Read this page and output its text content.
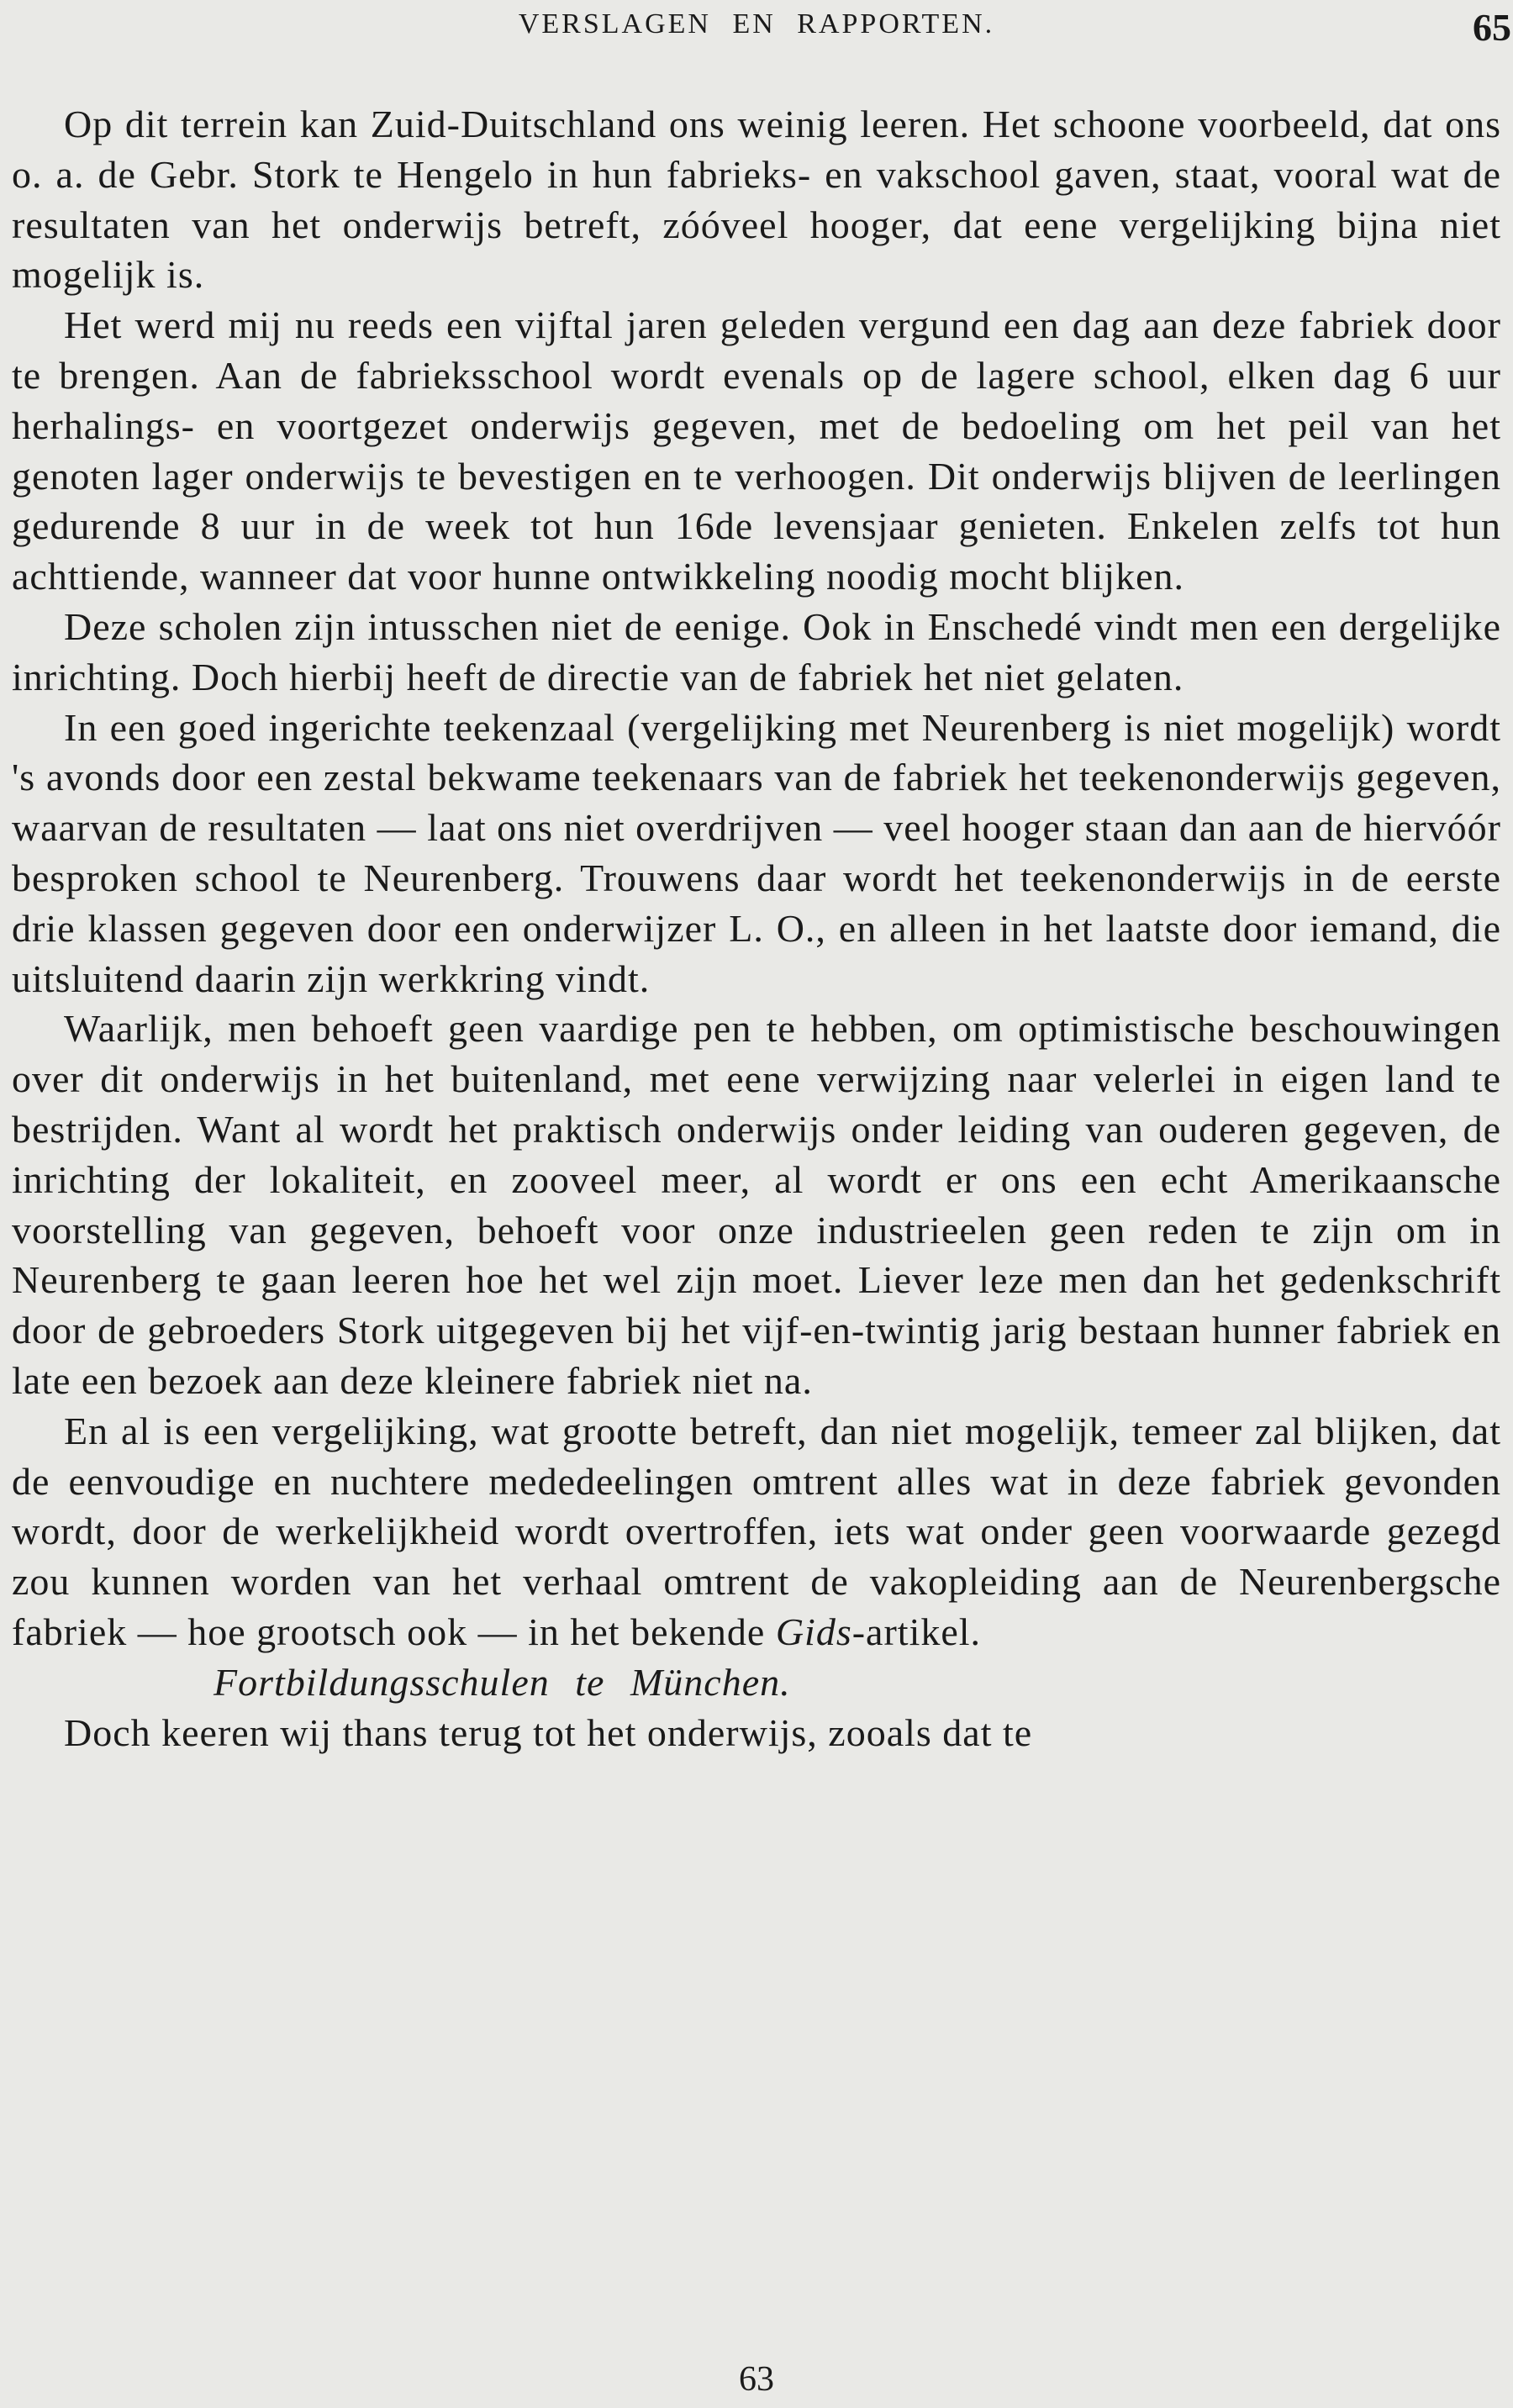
VERSLAGEN EN RAPPORTEN.	65

Op dit terrein kan Zuid-Duitschland ons weinig leeren. Het schoone voorbeeld, dat ons o. a. de Gebr. Stork te Hengelo in hun fabrieks- en vakschool gaven, staat, vooral wat de resultaten van het onderwijs betreft, zóóveel hooger, dat eene vergelijking bijna niet mogelijk is.

Het werd mij nu reeds een vijftal jaren geleden vergund een dag aan deze fabriek door te brengen. Aan de fabrieksschool wordt evenals op de lagere school, elken dag 6 uur herhalings- en voortgezet onderwijs gegeven, met de bedoeling om het peil van het genoten lager onderwijs te bevestigen en te verhoogen. Dit onderwijs blijven de leerlingen gedurende 8 uur in de week tot hun 16de levensjaar genieten. Enkelen zelfs tot hun achttiende, wanneer dat voor hunne ontwikkeling noodig mocht blijken.

Deze scholen zijn intusschen niet de eenige. Ook in Enschedé vindt men een dergelijke inrichting. Doch hierbij heeft de directie van de fabriek het niet gelaten.

In een goed ingerichte teekenzaal (vergelijking met Neurenberg is niet mogelijk) wordt 's avonds door een zestal bekwame teekenaars van de fabriek het teekenonderwijs gegeven, waarvan de resultaten — laat ons niet overdrijven — veel hooger staan dan aan de hiervóór besproken school te Neurenberg. Trouwens daar wordt het teekenonderwijs in de eerste drie klassen gegeven door een onderwijzer L. O., en alleen in het laatste door iemand, die uitsluitend daarin zijn werkkring vindt.

Waarlijk, men behoeft geen vaardige pen te hebben, om optimistische beschouwingen over dit onderwijs in het buitenland, met eene verwijzing naar velerlei in eigen land te bestrijden. Want al wordt het praktisch onderwijs onder leiding van ouderen gegeven, de inrichting der lokaliteit, en zooveel meer, al wordt er ons een echt Amerikaansche voorstelling van gegeven, behoeft voor onze industrieelen geen reden te zijn om in Neurenberg te gaan leeren hoe het wel zijn moet. Liever leze men dan het gedenkschrift door de gebroeders Stork uitgegeven bij het vijf-en-twintig jarig bestaan hunner fabriek en late een bezoek aan deze kleinere fabriek niet na.

En al is een vergelijking, wat grootte betreft, dan niet mogelijk, temeer zal blijken, dat de eenvoudige en nuchtere mededeelingen omtrent alles wat in deze fabriek gevonden wordt, door de werkelijkheid wordt overtroffen, iets wat onder geen voorwaarde gezegd zou kunnen worden van het verhaal omtrent de vakopleiding aan de Neurenbergsche fabriek — hoe grootsch ook — in het bekende Gids-artikel.

Fortbildungsschulen te München.

Doch keeren wij thans terug tot het onderwijs, zooals dat te

63
